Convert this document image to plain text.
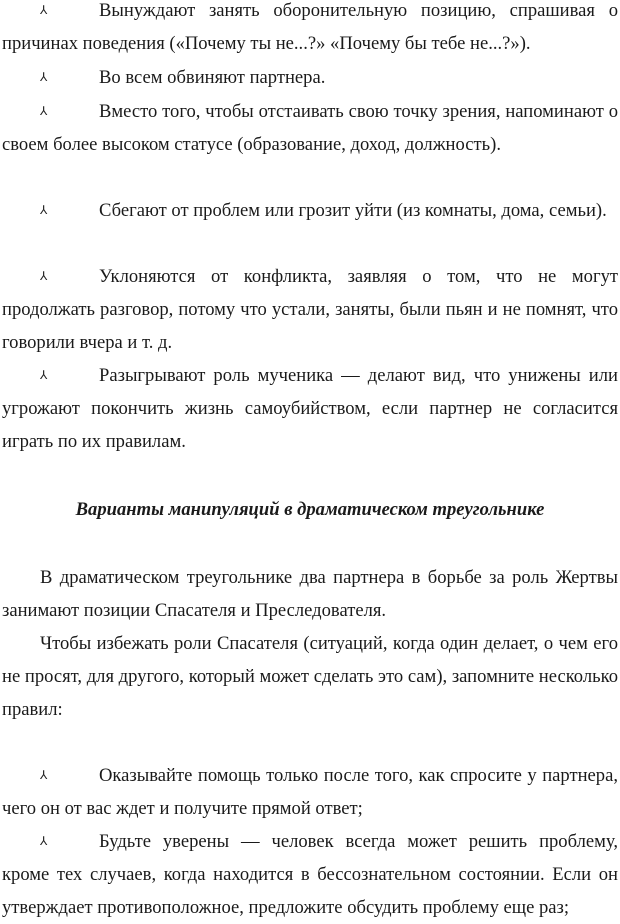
⅄	Вынуждают занять оборонительную позицию, спрашивая о причинах поведения («Почему ты не...?» «Почему бы тебе не...?»).

⅄	Во всем обвиняют партнера.

⅄	Вместо того, чтобы отстаивать свою точку зрения, напоминают о своем более высоком статусе (образование, доход, должность).

⅄	Сбегают от проблем или грозит уйти (из комнаты, дома, семьи).

⅄	Уклоняются от конфликта, заявляя о том, что не могут продолжать разговор, потому что устали, заняты, были пьян и не помнят, что говорили вчера и т. д.

⅄	Разыгрывают роль мученика — делают вид, что унижены или угрожают покончить жизнь самоубийством, если партнер не согласится играть по их правилам.

Варианты манипуляций в драматическом треугольнике

В драматическом треугольнике два партнера в борьбе за роль Жертвы занимают позиции Спасателя и Преследователя.

Чтобы избежать роли Спасателя (ситуаций, когда один делает, о чем его не просят, для другого, который может сделать это сам), запомните несколько правил:

⅄	Оказывайте помощь только после того, как спросите у партнера, чего он от вас ждет и получите прямой ответ;

⅄	Будьте уверены — человек всегда может решить проблему, кроме тех случаев, когда находится в бессознательном состоянии. Если он утверждает противоположное, предложите обсудить проблему еще раз;
